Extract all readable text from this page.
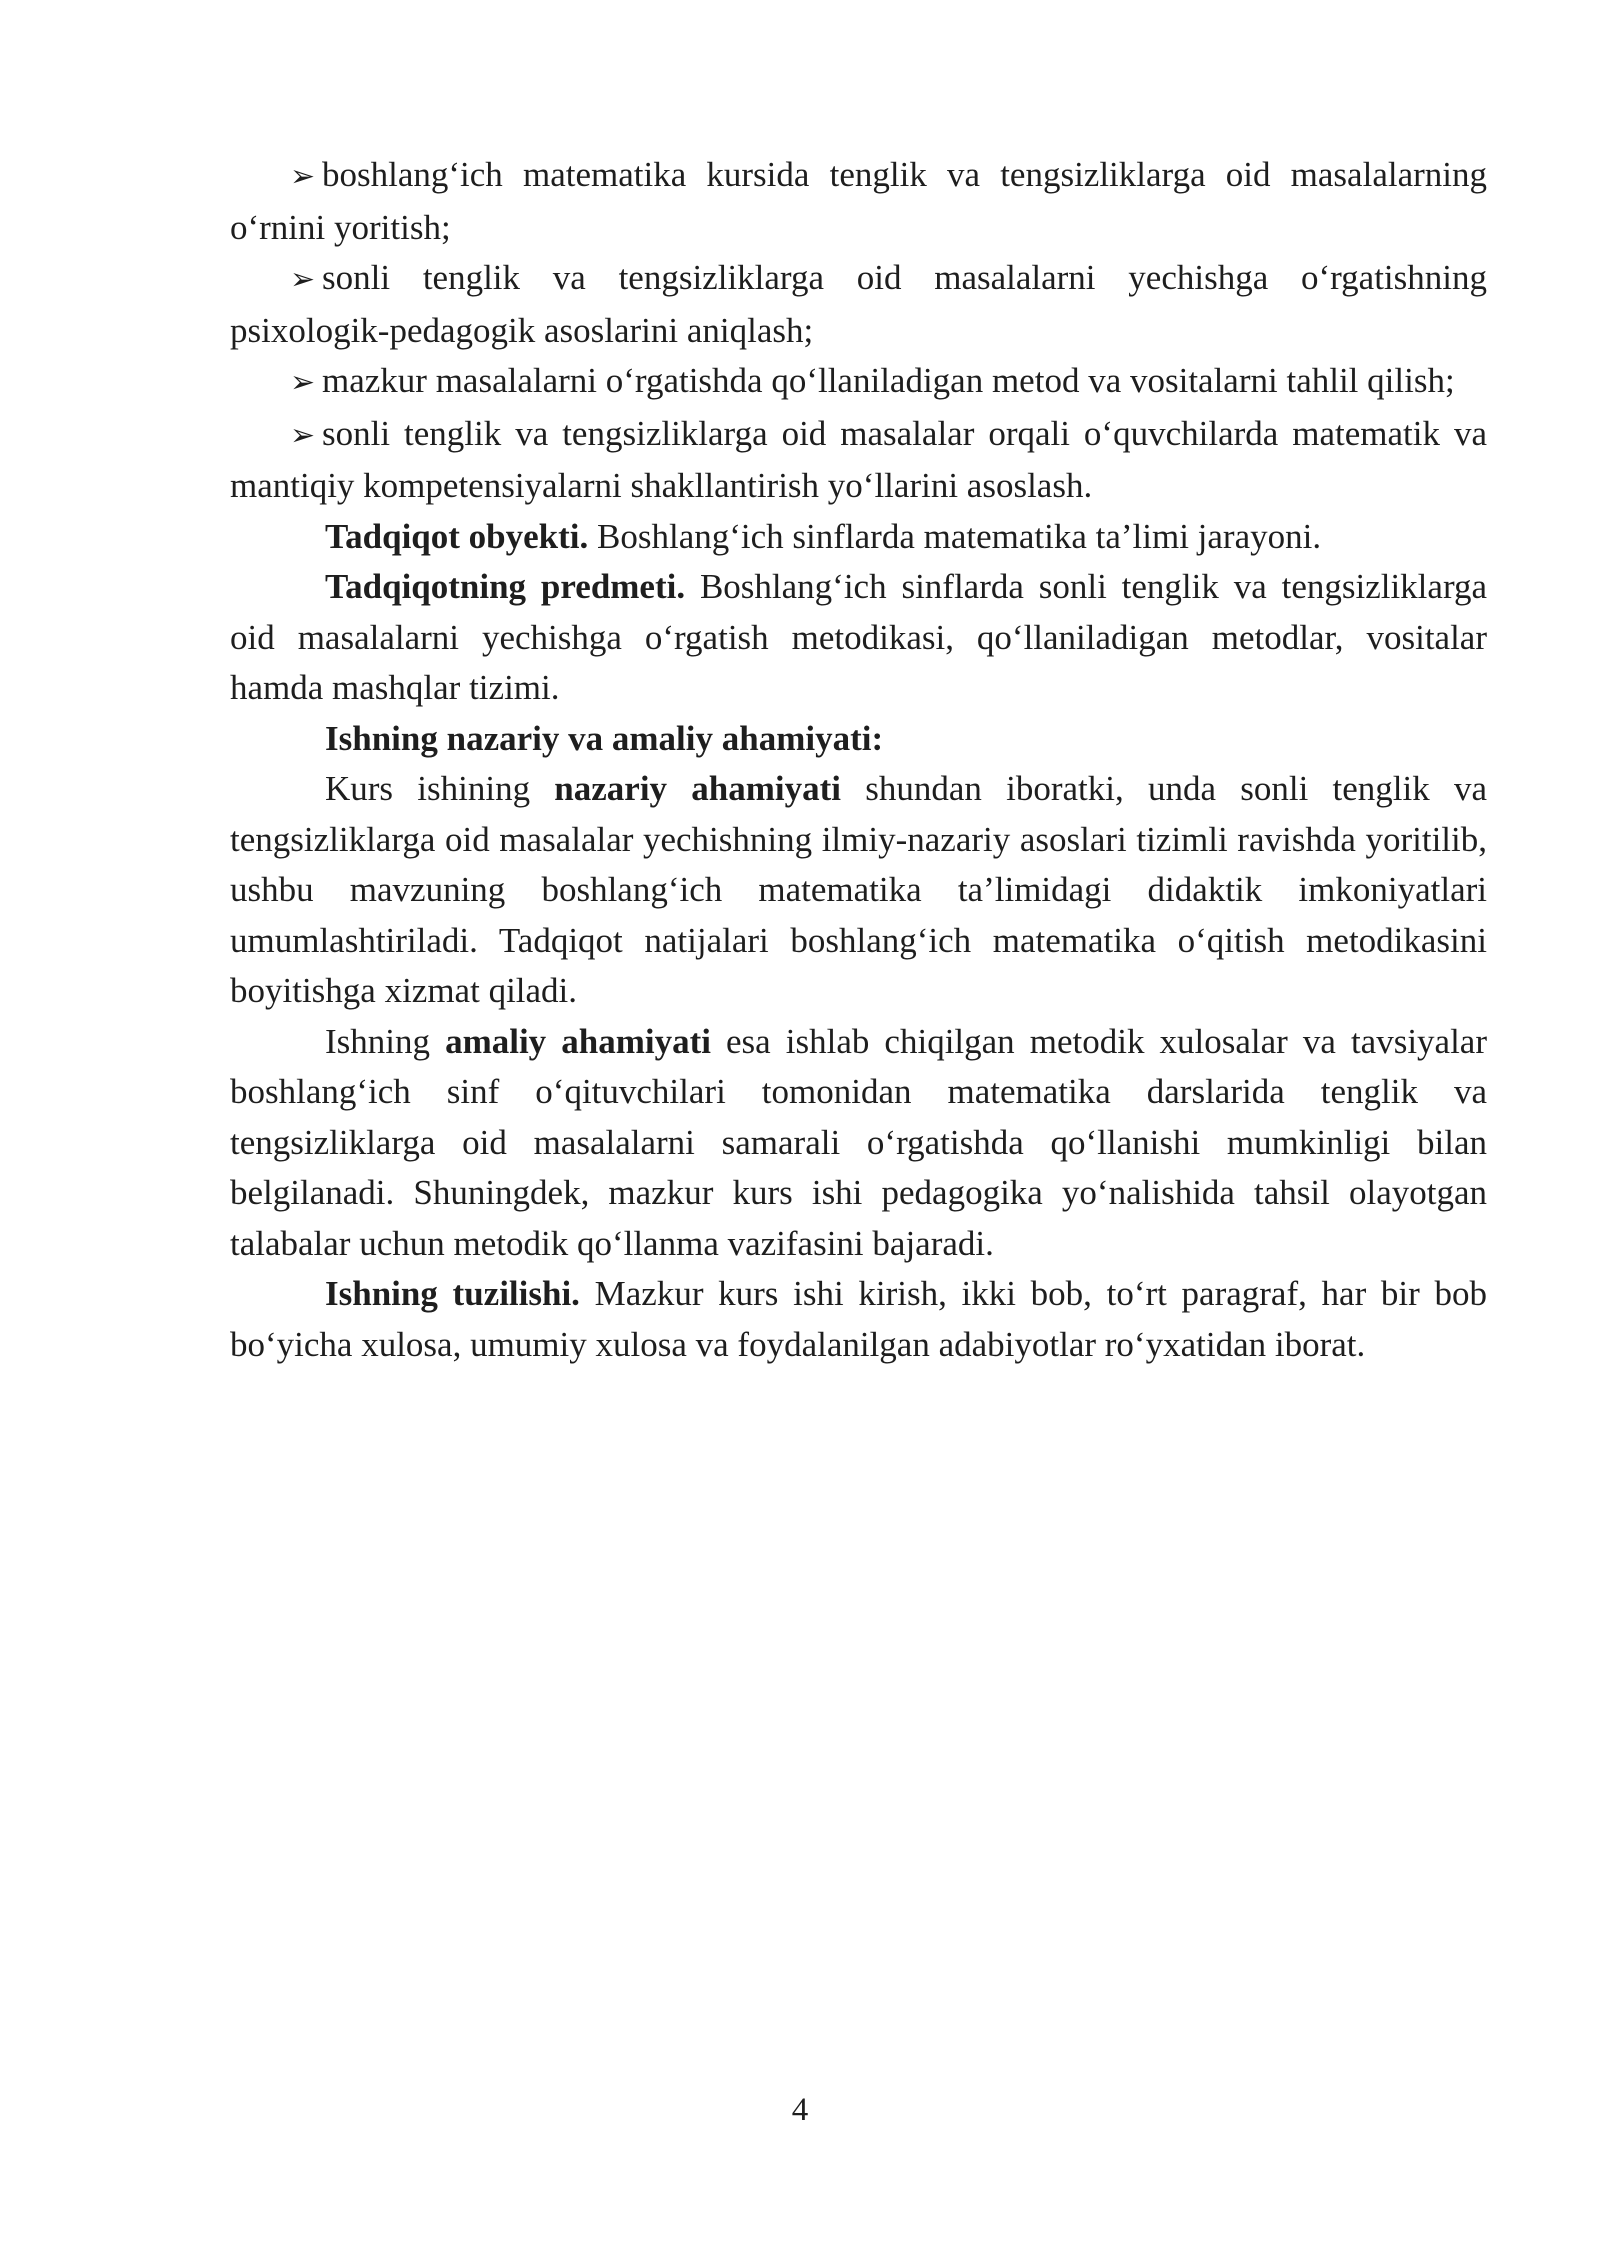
➢ boshlang‘ich matematika kursida tenglik va tengsizliklarga oid masalalarning o‘rnini yoritish;

➢ sonli tenglik va tengsizliklarga oid masalalarni yechishga o‘rgatishning psixologik-pedagogik asoslarini aniqlash;

➢ mazkur masalalarni o‘rgatishda qo‘llaniladigan metod va vositalarni tahlil qilish;

➢ sonli tenglik va tengsizliklarga oid masalalar orqali o‘quvchilarda matematik va mantiqiy kompetensiyalarni shakllantirish yo‘llarini asoslash.

Tadqiqot obyekti. Boshlang‘ich sinflarda matematika ta’limi jarayoni.

Tadqiqotning predmeti. Boshlang‘ich sinflarda sonli tenglik va tengsizliklarga oid masalalarni yechishga o‘rgatish metodikasi, qo‘llaniladigan metodlar, vositalar hamda mashqlar tizimi.

Ishning nazariy va amaliy ahamiyati:

Kurs ishining nazariy ahamiyati shundan iboratki, unda sonli tenglik va tengsizliklarga oid masalalar yechishning ilmiy-nazariy asoslari tizimli ravishda yoritilib, ushbu mavzuning boshlang‘ich matematika ta’limidagi didaktik imkoniyatlari umumlashtiriladi. Tadqiqot natijalari boshlang‘ich matematika o‘qitish metodikasini boyitishga xizmat qiladi.

Ishning amaliy ahamiyati esa ishlab chiqilgan metodik xulosalar va tavsiyalar boshlang‘ich sinf o‘qituvchilari tomonidan matematika darslarida tenglik va tengsizliklarga oid masalalarni samarali o‘rgatishda qo‘llanishi mumkinligi bilan belgilanadi. Shuningdek, mazkur kurs ishi pedagogika yo‘nalishida tahsil olayotgan talabalar uchun metodik qo‘llanma vazifasini bajaradi.

Ishning tuzilishi. Mazkur kurs ishi kirish, ikki bob, to‘rt paragraf, har bir bob bo‘yicha xulosa, umumiy xulosa va foydalanilgan adabiyotlar ro‘yxatidan iborat.

4
